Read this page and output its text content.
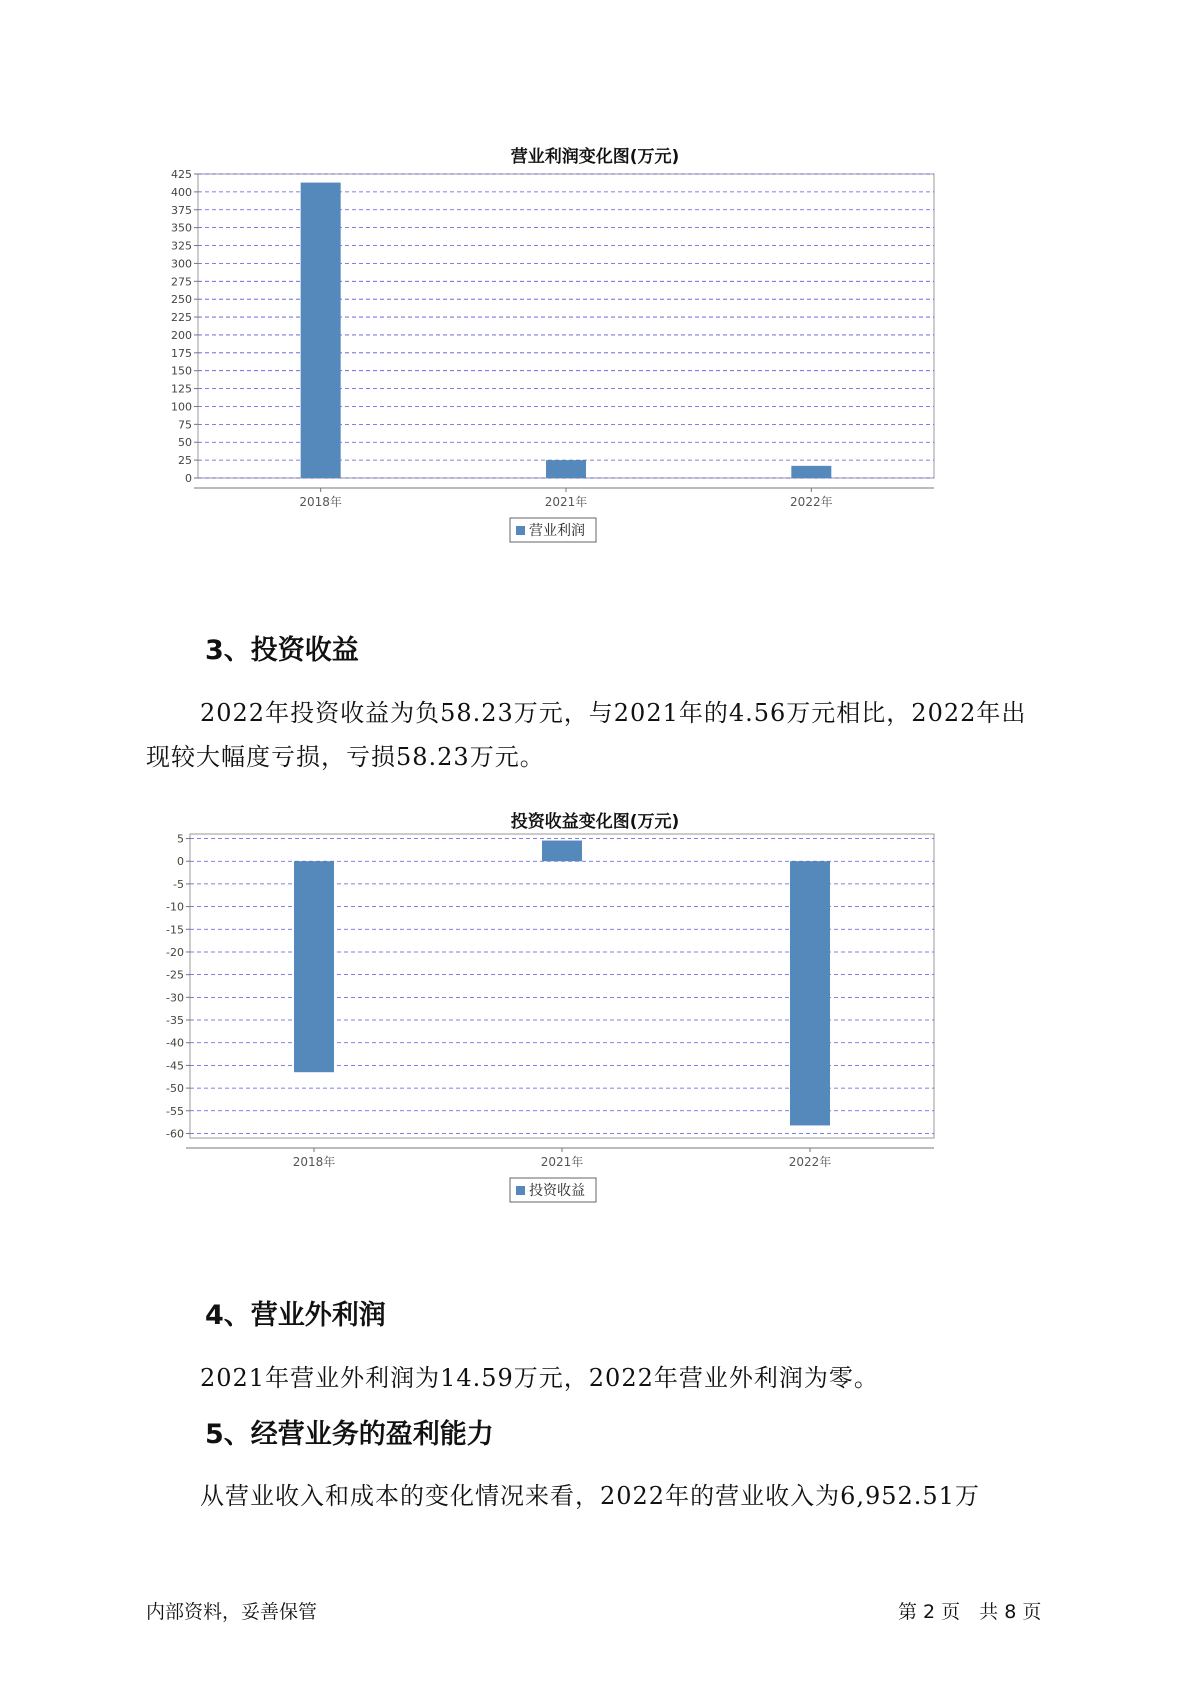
营业利润变化图(万元)
0
25
50
75
100
125
150
175
200
225
250
275
300
325
350
375
400
425
2018年	2021年	2022年
营业利润
3、投资收益
2022年投资收益为负58.23万元，与2021年的4.56万元相比，2022年出
现较大幅度亏损，亏损58.23万元。
投资收益变化图(万元)
5
0
-5
-10
-15
-20
-25
-30
-35
-40
-45
-50
-55
-60
2018年	2021年	2022年
投资收益
4、营业外利润
2021年营业外利润为14.59万元，2022年营业外利润为零。
5、经营业务的盈利能力
从营业收入和成本的变化情况来看，2022年的营业收入为6,952.51万
内部资料，妥善保管	第 2 页　共 8 页
